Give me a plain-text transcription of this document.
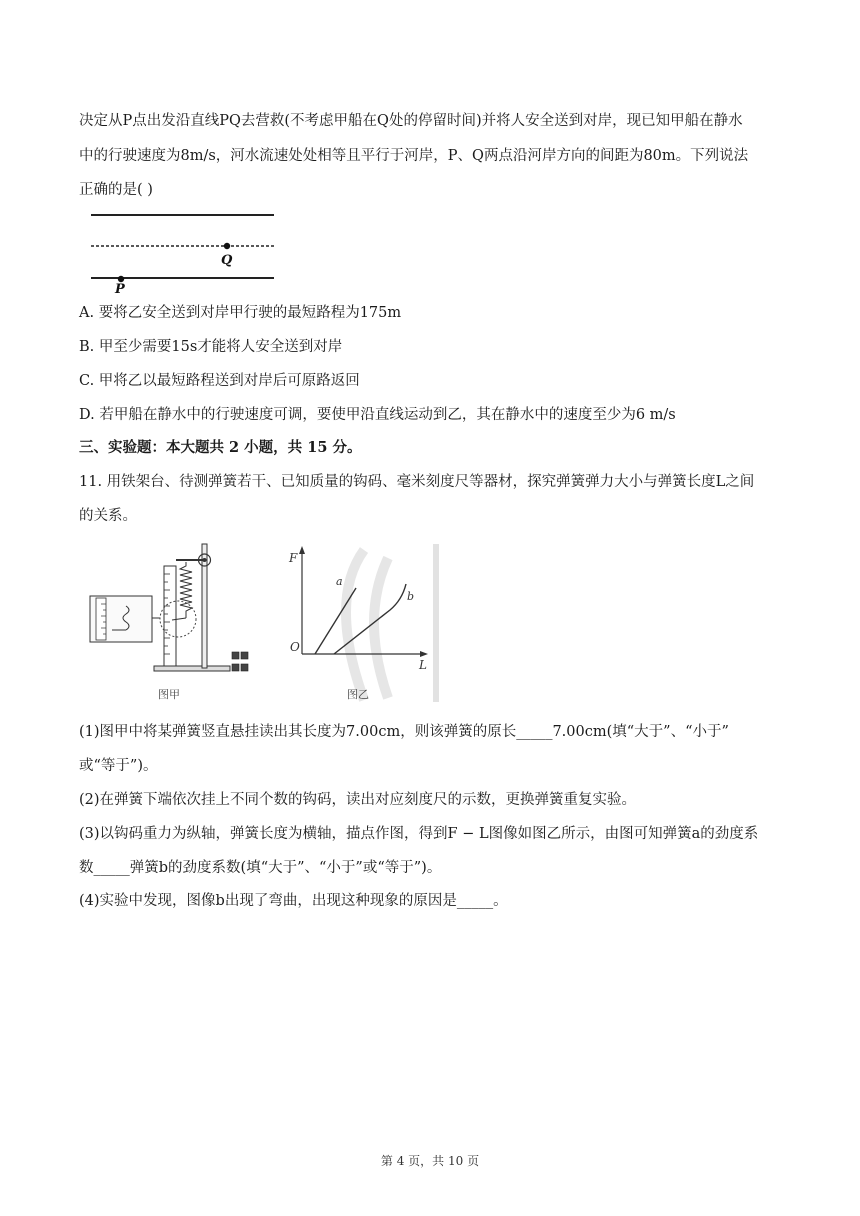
决定从P点出发沿直线PQ去营救(不考虑甲船在Q处的停留时间)并将人安全送到对岸，现已知甲船在静水
中的行驶速度为8m/s，河水流速处处相等且平行于河岸，P、Q两点沿河岸方向的间距为80m。下列说法
正确的是( )
Q
P
A. 要将乙安全送到对岸甲行驶的最短路程为175m
B. 甲至少需要15s才能将人安全送到对岸
C. 甲将乙以最短路程送到对岸后可原路返回
D. 若甲船在静水中的行驶速度可调，要使甲沿直线运动到乙，其在静水中的速度至少为6 m/s
三、实验题：本大题共 2 小题，共 15 分。
11. 用铁架台、待测弹簧若干、已知质量的钩码、毫米刻度尺等器材，探究弹簧弹力大小与弹簧长度L之间
的关系。
图甲
F
L
O
a
b
图乙
(1)图甲中将某弹簧竖直悬挂读出其长度为7.00cm，则该弹簧的原长_____7.00cm(填“大于”、“小于”
或“等于”)。
(2)在弹簧下端依次挂上不同个数的钩码，读出对应刻度尺的示数，更换弹簧重复实验。
(3)以钩码重力为纵轴，弹簧长度为横轴，描点作图，得到F − L图像如图乙所示，由图可知弹簧a的劲度系
数_____弹簧b的劲度系数(填“大于”、“小于”或“等于”)。
(4)实验中发现，图像b出现了弯曲，出现这种现象的原因是_____。
第 4 页，共 10 页
